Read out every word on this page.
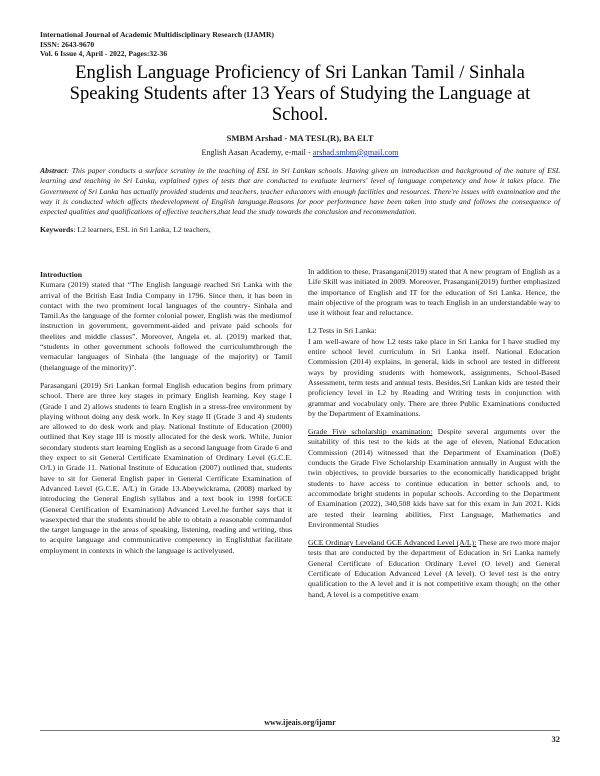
International Journal of Academic Multidisciplinary Research (IJAMR)
ISSN: 2643-9670
Vol. 6 Issue 4, April - 2022, Pages:32-36
English Language Proficiency of Sri Lankan Tamil / Sinhala Speaking Students after 13 Years of Studying the Language at School.
SMBM Arshad - MA TESL(R), BA ELT
English Aasan Academy, e-mail - arshad.smbm@gmail.com
Abstract: This paper conducts a surface scrutiny in the teaching of ESL in Sri Lankan schools. Having given an introduction and background of the nature of ESL learning and teaching in Sri Lanka, explained types of tests that are conducted to evaluate learners' level of language competency and how it takes place. The Government of Sri Lanka has actually provided students and teachers, teacher educators with enough facilities and resources. There're issues with examination and the way it is conducted which affects thedevelopment of English language.Reasons for poor performance have been taken into study and follows the consequence of expected qualities and qualifications of effective teachers,that lead the study towards the conclusion and recommendation.
Keywords: L2 learners, ESL in Sri Lanka, L2 teachers,
Introduction

Kumara (2019) stated that “The English language reached Sri Lanka with the arrival of the British East India Company in 1796. Since then, it has been in contact with the two prominent local languages of the country- Sinhala and Tamil.As the language of the former colonial power, English was the mediumof instruction in government, government-aided and private paid schools for theelites and middle classes”. Moreover, Angela et. al. (2019) marked that, “students in other government schools followed the curriculumthrough the vernacular languages of Sinhala (the language of the majority) or Tamil (thelanguage of the minority)”.

Parasangani (2019) Sri Lankan formal English education begins from primary school. There are three key stages in primary English learning. Key stage I (Grade 1 and 2) allows students to learn English in a stress-free environment by playing without doing any desk work. In Key stage II (Grade 3 and 4) students are allowed to do desk work and play. National Institute of Education (2000) outlined that Key stage III is mostly allocated for the desk work. While, Junior secondary students start learning English as a second language from Grade 6 and they expect to sit General Certificate Examination of Ordinary Level (G.C.E. O/L) in Grade 11. National Institute of Education (2007) outlined that, students have to sit for General English paper in General Certificate Examination of Advanced Level (G.C.E. A/L) in Grade 13.Abeywickrama, (2008) marked by introducing the General English syllabus and a text book in 1998 forGCE (General Certification of Examination) Advanced Level.he further says that it wasexpected that the students should be able to obtain a reasonable commandof the target language in the areas of speaking, listening, reading and writing, thus to acquire language and communicative competency in Englishthat facilitate employment in contexts in which the language is activelyused.

In addition to these, Prasangani(2019) stated that A new program of English as a Life Skill was initiated in 2009. Moreover, Prasangani(2019) further emphasized the importance of English and IT for the education of Sri Lanka. Hence, the main objective of the program was to teach English in an understandable way to use it without fear and reluctance.

L2 Tests in Sri Lanka:

I am well-aware of how L2 tests take place in Sri Lanka for I have studied my entire school level curriculum in Sri Lanka itself. National Education Commission (2014) explains, in general, kids in school are tested in different ways by providing students with homework, assignments, School-Based Assessment, term tests and annual tests. Besides,Sri Lankan kids are tested their proficiency level in L2 by Reading and Writing tests in conjunction with grammar and vocabulary only. There are three Public Examinations conducted by the Department of Examinations.

Grade Five scholarship examination: Despite several arguments over the suitability of this test to the kids at the age of eleven, National Education Commission (2014) witnessed that the Department of Examination (DoE) conducts the Grade Five Scholarship Examination annually in August with the twin objectives, to provide bursaries to the economically handicapped bright students to have access to continue education in better schools and, to accommodate bright students in popular schools. According to the Department of Examination (2022), 340,508 kids have sat for this exam in Jan 2021. Kids are tested their learning abilities, First Language, Mathematics and Environmental Studies

GCE Ordinary Leveland GCE Advanced Level (A/L): These are two more major tests that are conducted by the department of Education in Sri Lanka namely General Certificate of Education Ordinary Level (O level) and General Certificate of Education Advanced Level (A level). O level test is the entry qualification to the A level and it is not competitive exam though; on the other hand, A level is a competitive exam

www.ijeais.org/ijamr
32
